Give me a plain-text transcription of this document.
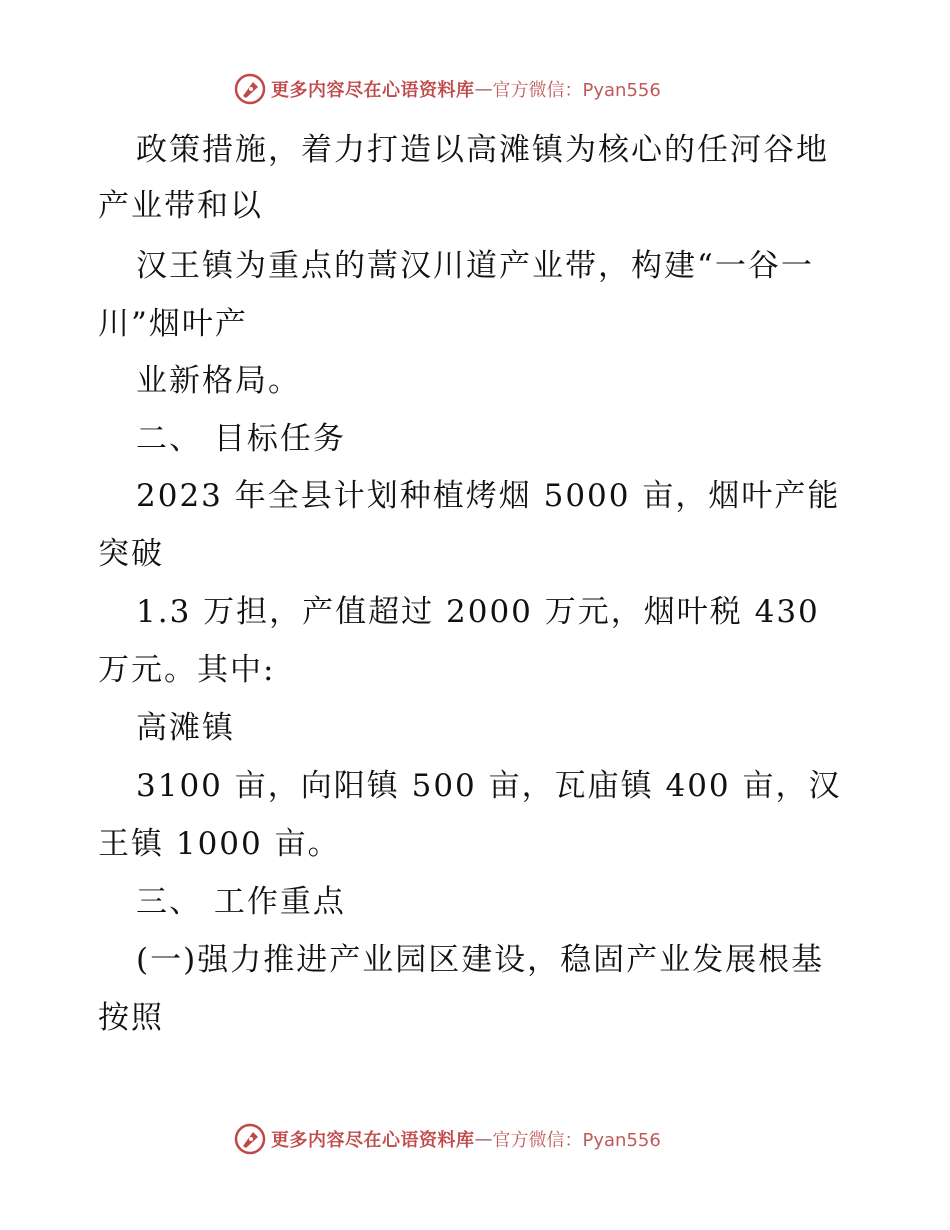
更多内容尽在心语资料库 — 官方微信：Pyan556
政策措施，着力打造以高滩镇为核心的任河谷地
产业带和以
汉王镇为重点的蒿汉川道产业带，构建“一谷一
川”烟叶产
业新格局。
二、 目标任务
2023 年全县计划种植烤烟 5000 亩，烟叶产能
突破
1.3 万担，产值超过 2000 万元，烟叶税 430
万元。其中:
高滩镇
3100 亩，向阳镇 500 亩，瓦庙镇 400 亩，汉
王镇 1000 亩。
三、 工作重点
(一)强力推进产业园区建设，稳固产业发展根基
按照
更多内容尽在心语资料库 — 官方微信：Pyan556
